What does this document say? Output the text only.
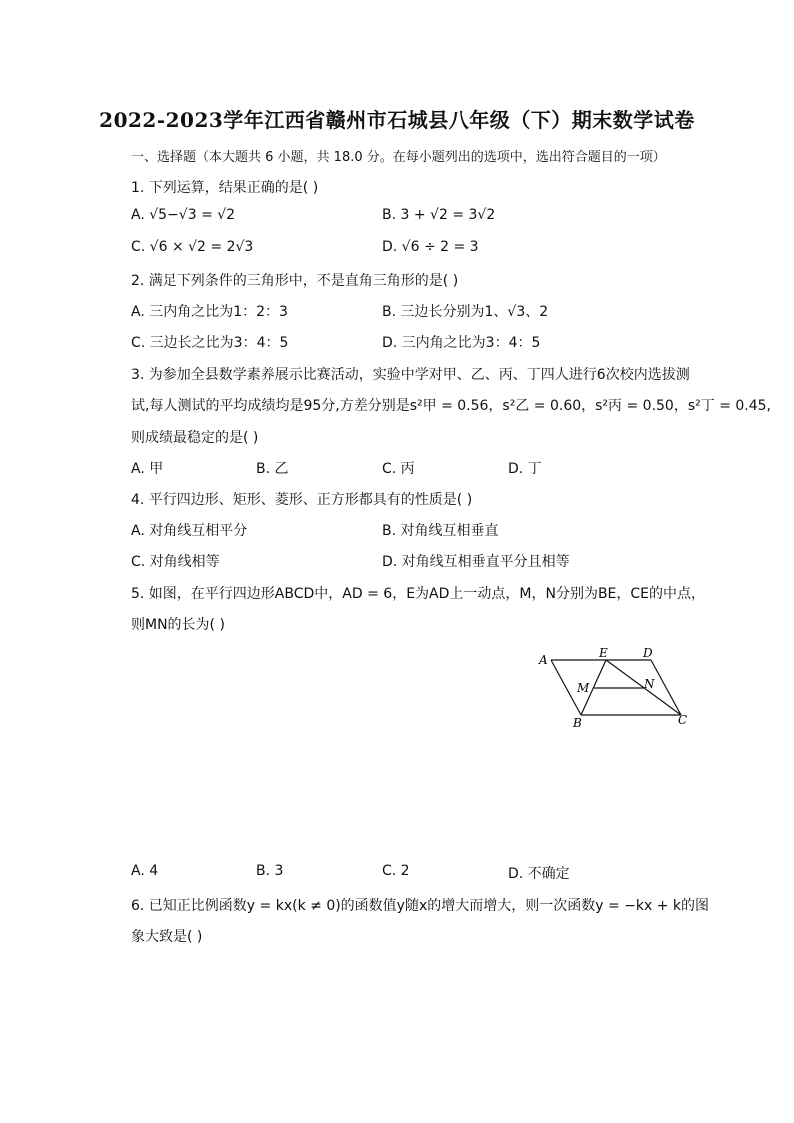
2022-2023学年江西省赣州市石城县八年级（下）期末数学试卷
一、选择题（本大题共 6 小题，共 18.0 分。在每小题列出的选项中，选出符合题目的一项）
1. 下列运算，结果正确的是( )
A. √5−√3 = √2	B. 3 + √2 = 3√2
C. √6 × √2 = 2√3	D. √6 ÷ 2 = 3
2. 满足下列条件的三角形中，不是直角三角形的是( )
A. 三内角之比为1：2：3	B. 三边长分别为1、√3、2
C. 三边长之比为3：4：5	D. 三内角之比为3：4：5
3. 为参加全县数学素养展示比赛活动，实验中学对甲、乙、丙、丁四人进行6次校内选拔测
试,每人测试的平均成绩均是95分,方差分别是s²甲 = 0.56，s²乙 = 0.60，s²丙 = 0.50，s²丁 = 0.45,
则成绩最稳定的是( )
A. 甲	B. 乙	C. 丙	D. 丁
4. 平行四边形、矩形、菱形、正方形都具有的性质是( )
A. 对角线互相平分	B. 对角线互相垂直
C. 对角线相等	D. 对角线互相垂直平分且相等
5. 如图，在平行四边形ABCD中，AD = 6，E为AD上一动点，M，N分别为BE，CE的中点，
则MN的长为( )
A	E	D
M	N
B	C
A. 4	B. 3	C. 2	D. 不确定
6. 已知正比例函数y = kx(k ≠ 0)的函数值y随x的增大而增大，则一次函数y = −kx + k的图
象大致是( )
